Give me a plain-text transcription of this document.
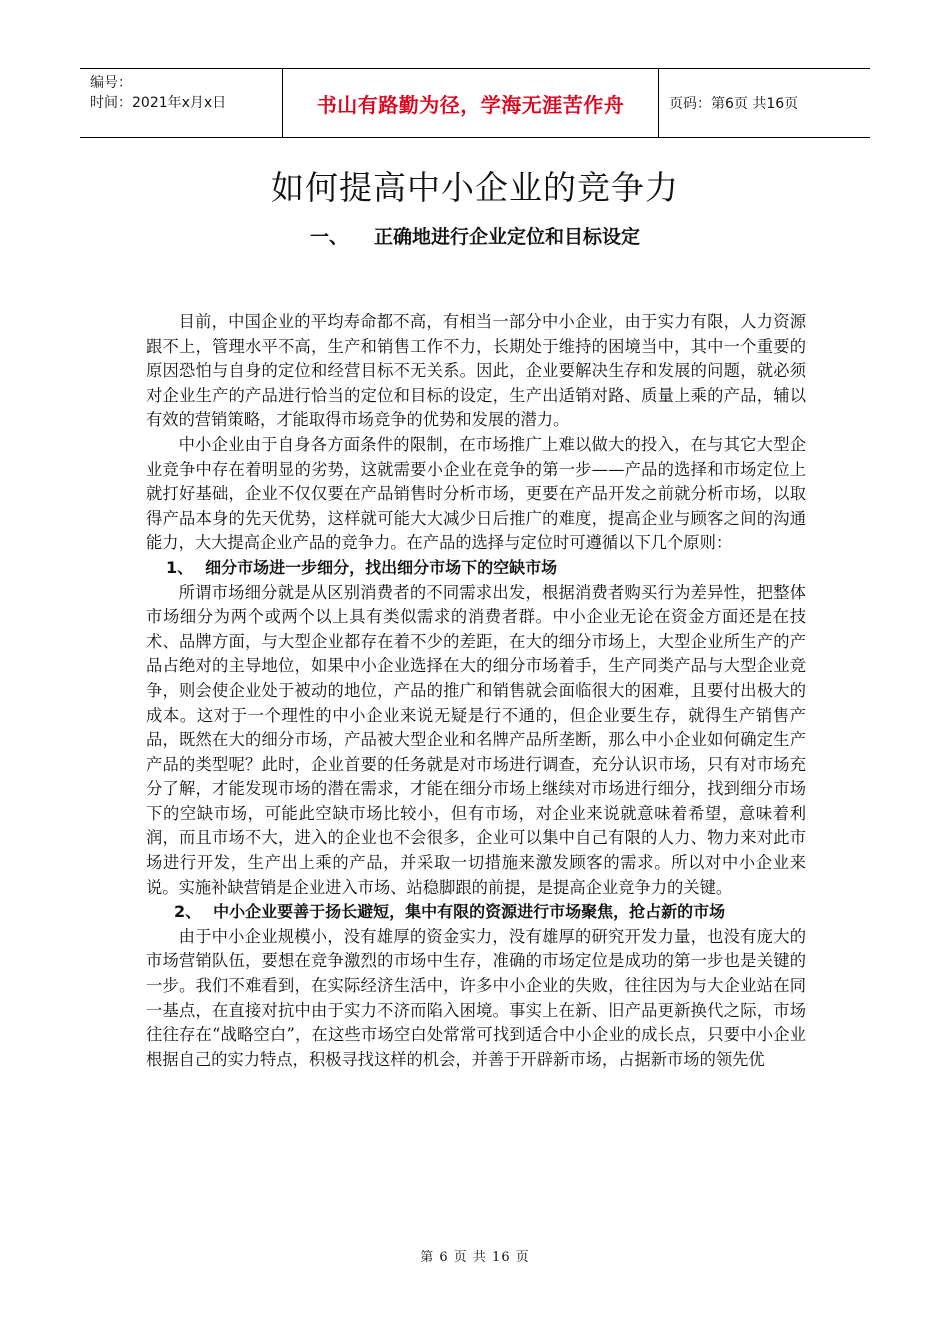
编号：
时间：2021年x月x日	书山有路勤为径，学海无涯苦作舟	页码：第6页 共16页
如何提高中小企业的竞争力
一、 正确地进行企业定位和目标设定

目前，中国企业的平均寿命都不高，有相当一部分中小企业，由于实力有限，人力资源跟不上，管理水平不高，生产和销售工作不力，长期处于维持的困境当中，其中一个重要的原因恐怕与自身的定位和经营目标不无关系。因此，企业要解决生存和发展的问题，就必须对企业生产的产品进行恰当的定位和目标的设定，生产出适销对路、质量上乘的产品，辅以有效的营销策略，才能取得市场竞争的优势和发展的潜力。

中小企业由于自身各方面条件的限制，在市场推广上难以做大的投入，在与其它大型企业竞争中存在着明显的劣势，这就需要小企业在竞争的第一步——产品的选择和市场定位上就打好基础，企业不仅仅要在产品销售时分析市场，更要在产品开发之前就分析市场，以取得产品本身的先天优势，这样就可能大大减少日后推广的难度，提高企业与顾客之间的沟通能力，大大提高企业产品的竞争力。在产品的选择与定位时可遵循以下几个原则：

1、 细分市场进一步细分，找出细分市场下的空缺市场

所谓市场细分就是从区别消费者的不同需求出发，根据消费者购买行为差异性，把整体市场细分为两个或两个以上具有类似需求的消费者群。中小企业无论在资金方面还是在技术、品牌方面，与大型企业都存在着不少的差距，在大的细分市场上，大型企业所生产的产品占绝对的主导地位，如果中小企业选择在大的细分市场着手，生产同类产品与大型企业竞争，则会使企业处于被动的地位，产品的推广和销售就会面临很大的困难，且要付出极大的成本。这对于一个理性的中小企业来说无疑是行不通的，但企业要生存，就得生产销售产品，既然在大的细分市场，产品被大型企业和名牌产品所垄断，那么中小企业如何确定生产产品的类型呢？此时，企业首要的任务就是对市场进行调查，充分认识市场，只有对市场充分了解，才能发现市场的潜在需求，才能在细分市场上继续对市场进行细分，找到细分市场下的空缺市场，可能此空缺市场比较小，但有市场，对企业来说就意味着希望，意味着利润，而且市场不大，进入的企业也不会很多，企业可以集中自己有限的人力、物力来对此市场进行开发，生产出上乘的产品，并采取一切措施来激发顾客的需求。所以对中小企业来说。实施补缺营销是企业进入市场、站稳脚跟的前提，是提高企业竞争力的关键。

2、 中小企业要善于扬长避短，集中有限的资源进行市场聚焦，抢占新的市场

由于中小企业规模小，没有雄厚的资金实力，没有雄厚的研究开发力量，也没有庞大的市场营销队伍，要想在竞争激烈的市场中生存，准确的市场定位是成功的第一步也是关键的一步。我们不难看到，在实际经济生活中，许多中小企业的失败，往往因为与大企业站在同一基点，在直接对抗中由于实力不济而陷入困境。事实上在新、旧产品更新换代之际，市场往往存在“战略空白”，在这些市场空白处常常可找到适合中小企业的成长点，只要中小企业根据自己的实力特点，积极寻找这样的机会，并善于开辟新市场，占据新市场的领先优

第 6 页 共 16 页
